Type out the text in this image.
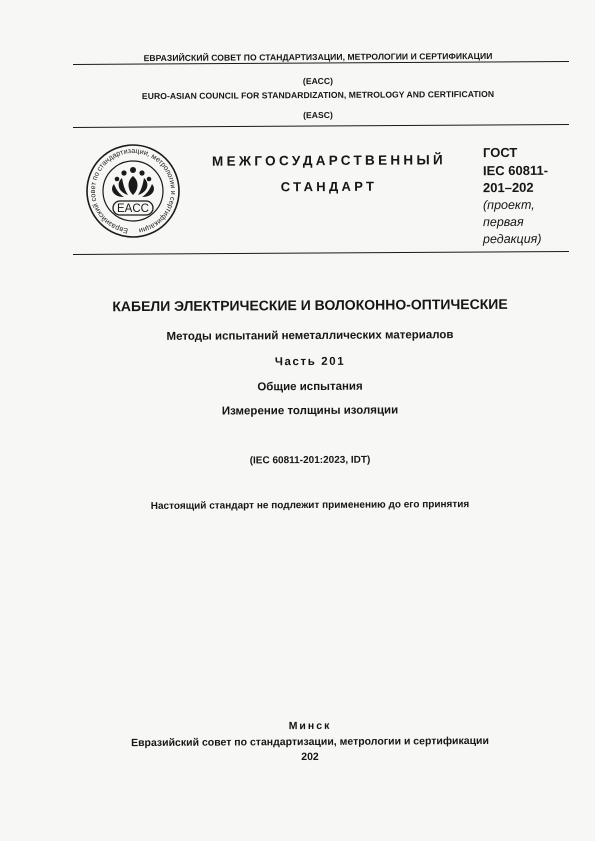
ЕВРАЗИЙСКИЙ СОВЕТ ПО СТАНДАРТИЗАЦИИ, МЕТРОЛОГИИ И СЕРТИФИКАЦИИ
(ЕАСС)
EURO-ASIAN COUNCIL FOR STANDARDIZATION, METROLOGY AND CERTIFICATION
(EASC)
Евразийский совет по стандартизации, метрологии и сертификации
EACC
МЕЖГОСУДАРСТВЕННЫЙ
СТАНДАРТ
ГОСТ
IEC 60811-
201–202
(проект,
первая
редакция)
КАБЕЛИ ЭЛЕКТРИЧЕСКИЕ И ВОЛОКОННО-ОПТИЧЕСКИЕ
Методы испытаний неметаллических материалов
Часть 201
Общие испытания
Измерение толщины изоляции
(IEC 60811-201:2023, IDT)
Настоящий стандарт не подлежит применению до его принятия
Минск
Евразийский совет по стандартизации, метрологии и сертификации
202
